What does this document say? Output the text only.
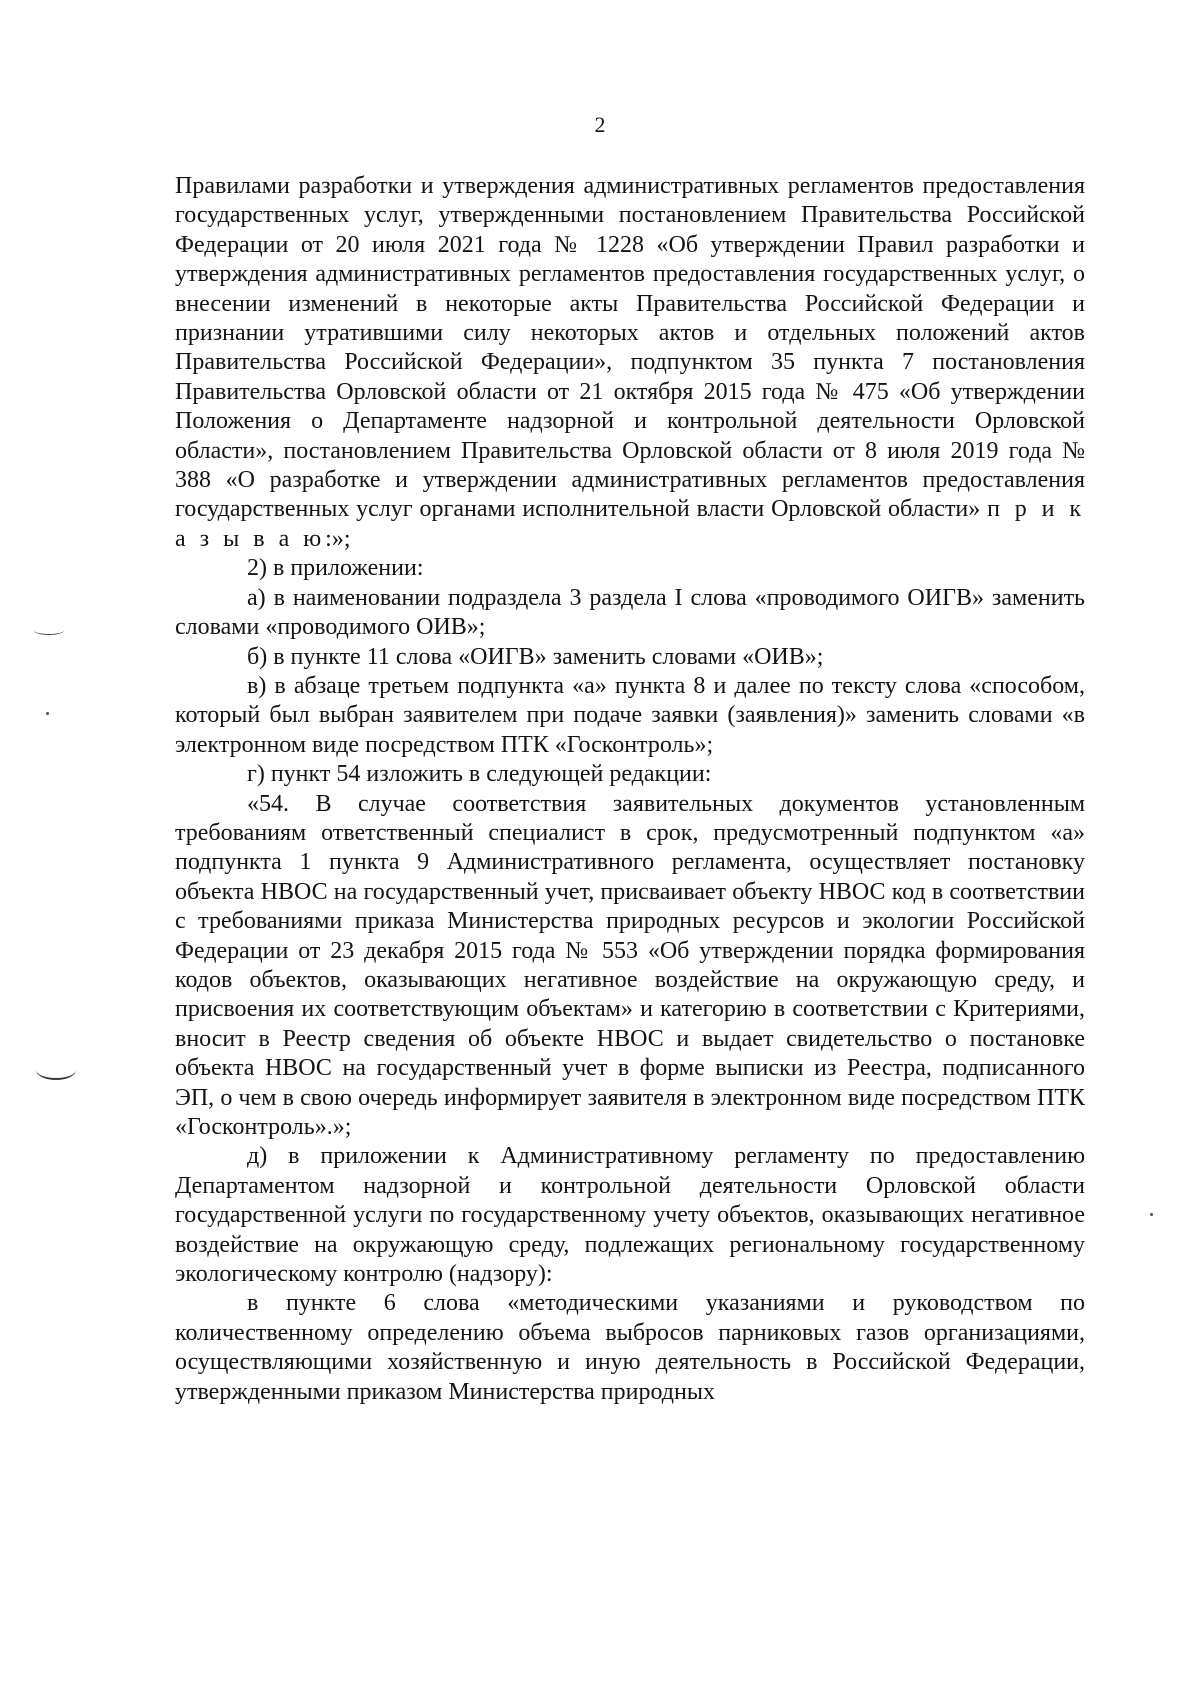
2

Правилами разработки и утверждения административных регламентов предоставления государственных услуг, утвержденными постановлением Правительства Российской Федерации от 20 июля 2021 года № 1228 «Об утверждении Правил разработки и утверждения административных регламентов предоставления государственных услуг, о внесении изменений в некоторые акты Правительства Российской Федерации и признании утратившими силу некоторых актов и отдельных положений актов Правительства Российской Федерации», подпунктом 35 пункта 7 постановления Правительства Орловской области от 21 октября 2015 года № 475 «Об утверждении Положения о Департаменте надзорной и контрольной деятельности Орловской области», постановлением Правительства Орловской области от 8 июля 2019 года № 388 «О разработке и утверждении административных регламентов предоставления государственных услуг органами исполнительной власти Орловской области» п р и к а з ы в а ю:»;

2) в приложении:

а) в наименовании подраздела 3 раздела I слова «проводимого ОИГВ» заменить словами «проводимого ОИВ»;

б) в пункте 11 слова «ОИГВ» заменить словами «ОИВ»;

в) в абзаце третьем подпункта «а» пункта 8 и далее по тексту слова «способом, который был выбран заявителем при подаче заявки (заявления)» заменить словами «в электронном виде посредством ПТК «Госконтроль»;

г) пункт 54 изложить в следующей редакции:

«54. В случае соответствия заявительных документов установленным требованиям ответственный специалист в срок, предусмотренный подпунктом «а» подпункта 1 пункта 9 Административного регламента, осуществляет постановку объекта НВОС на государственный учет, присваивает объекту НВОС код в соответствии с требованиями приказа Министерства природных ресурсов и экологии Российской Федерации от 23 декабря 2015 года № 553 «Об утверждении порядка формирования кодов объектов, оказывающих негативное воздействие на окружающую среду, и присвоения их соответствующим объектам» и категорию в соответствии с Критериями, вносит в Реестр сведения об объекте НВОС и выдает свидетельство о постановке объекта НВОС на государственный учет в форме выписки из Реестра, подписанного ЭП, о чем в свою очередь информирует заявителя в электронном виде посредством ПТК «Госконтроль».»;

д) в приложении к Административному регламенту по предоставлению Департаментом надзорной и контрольной деятельности Орловской области государственной услуги по государственному учету объектов, оказывающих негативное воздействие на окружающую среду, подлежащих региональному государственному экологическому контролю (надзору):

в пункте 6 слова «методическими указаниями и руководством по количественному определению объема выбросов парниковых газов организациями, осуществляющими хозяйственную и иную деятельность в Российской Федерации, утвержденными приказом Министерства природных
